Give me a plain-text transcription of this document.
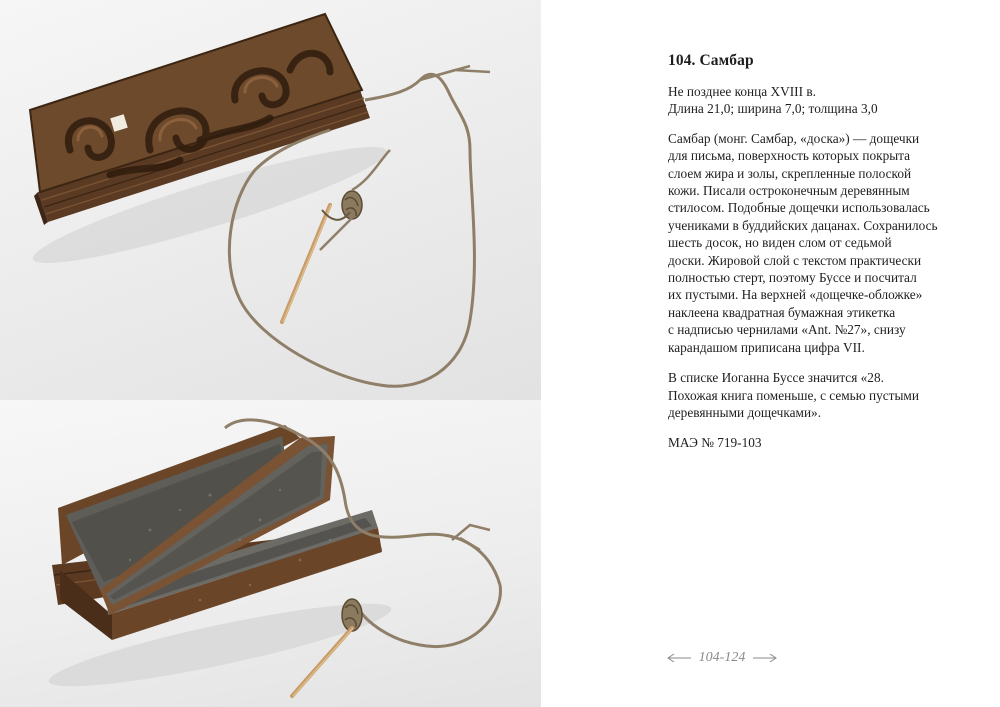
104. Самбар
Не позднее конца XVIII в.
Длина 21,0; ширина 7,0; толщина 3,0
Самбар (монг. Самбар, «доска») — дощечки
для письма, поверхность которых покрыта
слоем жира и золы, скрепленные полоской
кожи. Писали остроконечным деревянным
стилосом. Подобные дощечки использовалась
учениками в буддийских дацанах. Сохранилось
шесть досок, но виден слом от седьмой
доски. Жировой слой с текстом практически
полностью стерт, поэтому Буссе и посчитал
их пустыми. На верхней «дощечке-обложке»
наклеена квадратная бумажная этикетка
с надписью чернилами «Ant. №27», снизу
карандашом приписана цифра VII.
В списке Иоганна Буссе значится «28.
Похожая книга поменьше, с семью пустыми
деревянными дощечками».
МАЭ № 719-103
104-124
